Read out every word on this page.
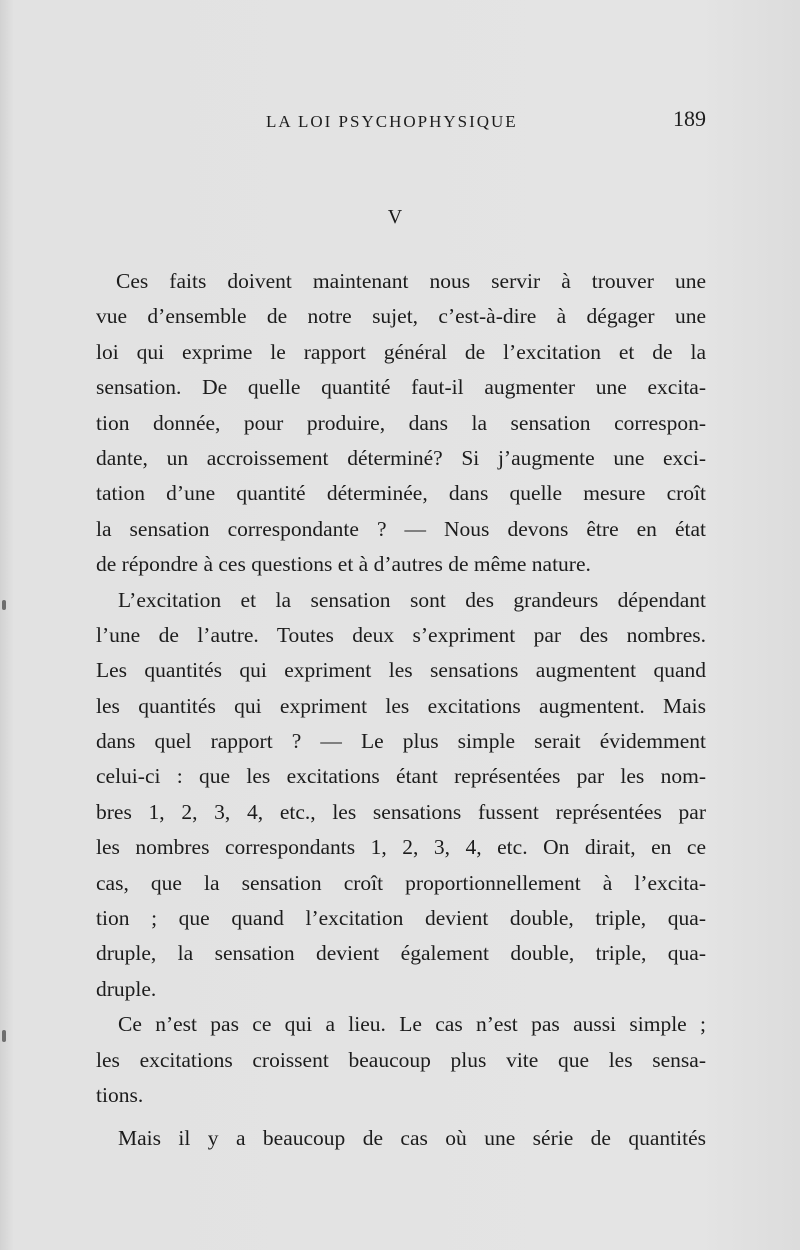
LA LOI PSYCHOPHYSIQUE	189
V
Ces faits doivent maintenant nous servir à trouver une
vue d’ensemble de notre sujet, c’est-à-dire à dégager une
loi qui exprime le rapport général de l’excitation et de la
sensation. De quelle quantité faut-il augmenter une excita-
tion donnée, pour produire, dans la sensation correspon-
dante, un accroissement déterminé? Si j’augmente une exci-
tation d’une quantité déterminée, dans quelle mesure croît
la sensation correspondante ? — Nous devons être en état
de répondre à ces questions et à d’autres de même nature.
L’excitation et la sensation sont des grandeurs dépendant
l’une de l’autre. Toutes deux s’expriment par des nombres.
Les quantités qui expriment les sensations augmentent quand
les quantités qui expriment les excitations augmentent. Mais
dans quel rapport ? — Le plus simple serait évidemment
celui-ci : que les excitations étant représentées par les nom-
bres 1, 2, 3, 4, etc., les sensations fussent représentées par
les nombres correspondants 1, 2, 3, 4, etc. On dirait, en ce
cas, que la sensation croît proportionnellement à l’excita-
tion ; que quand l’excitation devient double, triple, qua-
druple, la sensation devient également double, triple, qua-
druple.
Ce n’est pas ce qui a lieu. Le cas n’est pas aussi simple ;
les excitations croissent beaucoup plus vite que les sensa-
tions.
Mais il y a beaucoup de cas où une série de quantités
